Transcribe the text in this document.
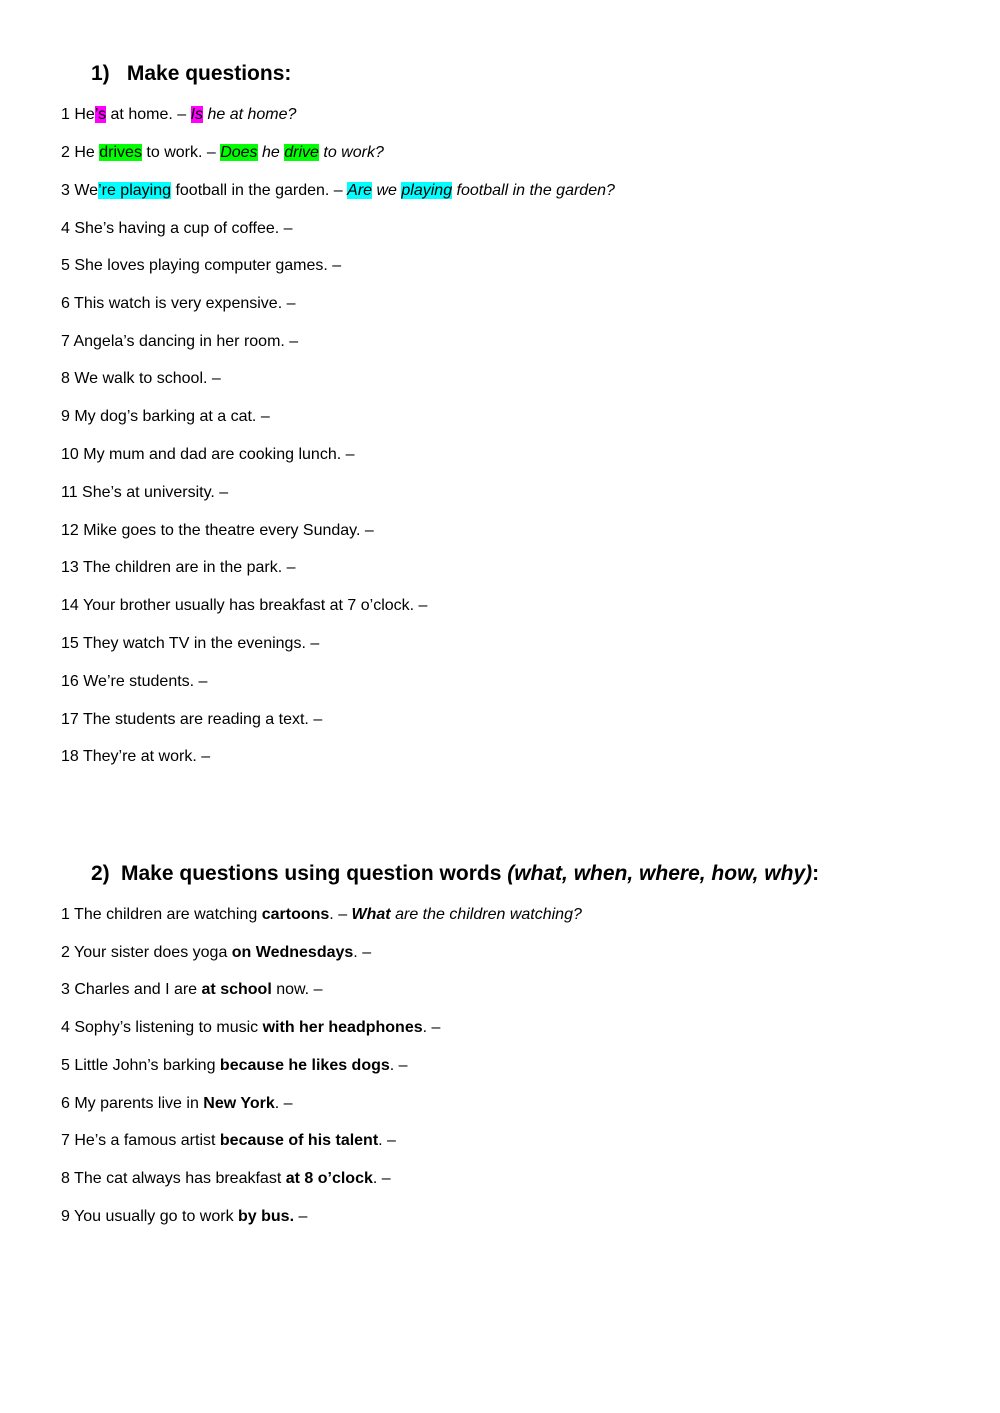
1) Make questions:

1 He’s at home. – Is he at home?

2 He drives to work. – Does he drive to work?

3 We’re playing football in the garden. – Are we playing football in the garden?

4 She’s having a cup of coffee. –

5 She loves playing computer games. –

6 This watch is very expensive. –

7 Angela’s dancing in her room. –

8 We walk to school. –

9 My dog’s barking at a cat. –

10 My mum and dad are cooking lunch. –

11 She’s at university. –

12 Mike goes to the theatre every Sunday. –

13 The children are in the park. –

14 Your brother usually has breakfast at 7 o’clock. –

15 They watch TV in the evenings. –

16 We’re students. –

17 The students are reading a text. –

18 They’re at work. –

2) Make questions using question words (what, when, where, how, why):

1 The children are watching cartoons. – What are the children watching?

2 Your sister does yoga on Wednesdays. –

3 Charles and I are at school now. –

4 Sophy’s listening to music with her headphones. –

5 Little John’s barking because he likes dogs. –

6 My parents live in New York. –

7 He’s a famous artist because of his talent. –

8 The cat always has breakfast at 8 o’clock. –

9 You usually go to work by bus. –
